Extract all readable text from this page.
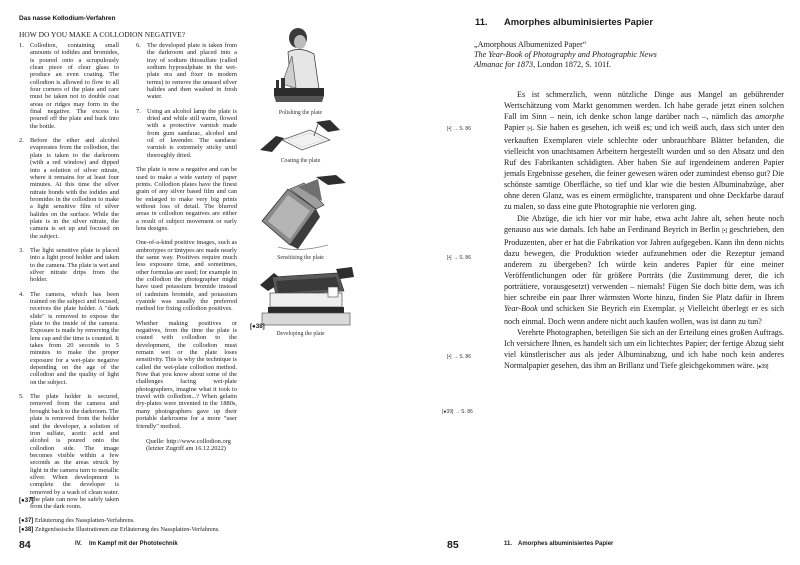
Das nasse Kollodium-Verfahren
HOW DO YOU MAKE A COLLODION NEGATIVE?
1. Collodion, containing small amounts of iodides and bromides, is poured onto a scrupulously clean piece of clear glass to produce an even coating. The collodion is allowed to flow to all four corners of the plate and care must be taken not to double coat areas or ridges may form in the final negative. The excess is poured off the plate and back into the bottle.
2. Before the ether and alcohol evaporates from the collodion, the plate is taken to the darkroom (with a red window) and dipped into a solution of silver nitrate, where it remains for at least four minutes. At this time the silver nitrate bonds with the iodides and bromides in the collodion to make a light sensitive film of silver halides on the surface. While the plate is in the silver nitrate, the camera is set up and focused on the subject.
3. The light sensitive plate is placed into a light proof holder and taken to the camera. The plate is wet and silver nitrate drips from the holder.
4. The camera, which has been trained on the subject and focused, receives the plate holder. A "dark slide" is removed to expose the plate to the inside of the camera. Exposure is made by removing the lens cap and the time is counted. It takes from 20 seconds to 5 minutes to make the proper exposure for a wet-plate negative depending on the age of the collodion and the quality of light on the subject.
5. The plate holder is secured, removed from the camera and brought back to the darkroom. The plate is removed from the holder and the developer, a solution of iron sulfate, acetic acid and alcohol is poured onto the collodion side. The image becomes visible within a few seconds as the areas struck by light in the camera turn to metallic silver. When development is complete the developer is removed by a wash of clean water. The plate can now be safely taken from the dark room.
6. The developed plate is taken from the darkroom and placed into a tray of sodium thiosulfate (called sodium hyposulphate in the wet-plate era and fixer in modern terms) to remove the unused silver halides and then washed in fresh water.
7. Using an alcohol lamp the plate is dried and while still warm, flowed with a protective varnish made from gum sandarac, alcohol and oil of lavender. The sandarac varnish is extremely sticky until thoroughly dried.

The plate is now a negative and can be used to make a wide variety of paper prints. Collodion plates have the finest grain of any silver based film and can be enlarged to make very big prints without loss of detail. The blurred areas in collodion negatives are either a result of subject movement or early lens designs.

One-of-a-kind positive images, such as ambrotypes or tintypes are made nearly the same way. Positives require much less exposure time, and sometimes, other formulas are used; for example in the collodion the photographer might have used potassium bromide instead of cadmium bromide, and potassium cyanide was usually the preferred method for fixing collodion positives.

Whether making positives or negatives, from the time the plate is coated with collodion to the development, the collodion must remain wet or the plate loses sensitivity. This is why the technique is called the wet-plate collodion method. Now that you know about some of the challenges facing wet-plate photographers, imagine what it took to travel with collodion...? When gelatin dry-plates were invented in the 1880s, many photographers gave up their portable darkrooms for a more "user friendly" method.

Quelle: http://www.collodion.org
(letzter Zugriff am 16.12.2022)
Polishing the plate
Coating the plate
Sensitising the plate
Developing the plate
[●38]
[●37]
[●37] Erläuterung des Nassplatten-Verfahrens.
[●38] Zeitgenössische Illustrationen zur Erläuterung des Nassplatten-Verfahrens.
84	IV. Im Kampf mit der Phototechnik
11. Amorphes albuminisiertes Papier
„Amorphous Albumenized Paper“
The Year-Book of Photography and Photographic News Almanac for 1873, London 1872, S. 101f.

Es ist schmerzlich, wenn nützliche Dinge aus Mangel an gebührender Wertschätzung vom Markt genommen werden. Ich habe gerade jetzt einen solchen Fall im Sinn – nein, ich denke schon lange darüber nach –, nämlich das amorphe Papier [•]. Sie haben es gesehen, ich weiß es; und ich weiß auch, dass sich unter den verkauften Exemplaren viele schlechte oder unbrauchbare Blätter befanden, die vielleicht von unachtsamen Arbeitern hergestellt wurden und so den Absatz und den Ruf des Fabrikanten schädigten. Aber haben Sie auf irgendeinem anderen Papier jemals Ergebnisse gesehen, die feiner gewesen wären oder zumindest ebenso gut? Die schönste samtige Oberfläche, so tief und klar wie die besten Albuminabzüge, aber ohne deren Glanz, was es einem ermöglichte, transparent und ohne Deckfarbe darauf zu malen, so dass eine gute Photographie nie verloren ging.

Die Abzüge, die ich hier vor mir habe, etwa acht Jahre alt, sehen heute noch genauso aus wie damals. Ich habe an Ferdinand Beyrich in Berlin [•] geschrieben, den Produzenten, aber er hat die Fabrikation vor Jahren aufgegeben. Kann ihn denn nichts dazu bewegen, die Produktion wieder aufzunehmen oder die Rezeptur jemand anderem zu übergeben? Ich würde kein anderes Papier für eine meiner Veröffentlichungen oder für größere Porträts (die Zustimmung derer, die ich porträtiere, vorausgesetzt) verwenden – niemals! Fügen Sie doch bitte dem, was ich hier schreibe ein paar Ihrer wärmsten Worte hinzu, finden Sie Platz dafür in Ihrem Year-Book und schicken Sie Beyrich ein Exemplar. [•] Vielleicht überlegt er es sich noch einmal. Doch wenn andere nicht auch kaufen wollen, was ist dann zu tun?

Verehrte Photographen, beteiligen Sie sich an der Erteilung eines großen Auftrags. Ich versichere Ihnen, es handelt sich um ein lichtechtes Papier; der fertige Abzug sieht viel künstlerischer aus als jeder Albuminabzug, und ich habe noch kein anderes Normalpapier gesehen, das ihm an Brillanz und Tiefe gleichgekommen wäre. [●39]

[•] → S. 86
[•] → S. 86
[•] → S. 86
[●39] → S. 86
85	11. Amorphes albuminisiertes Papier
